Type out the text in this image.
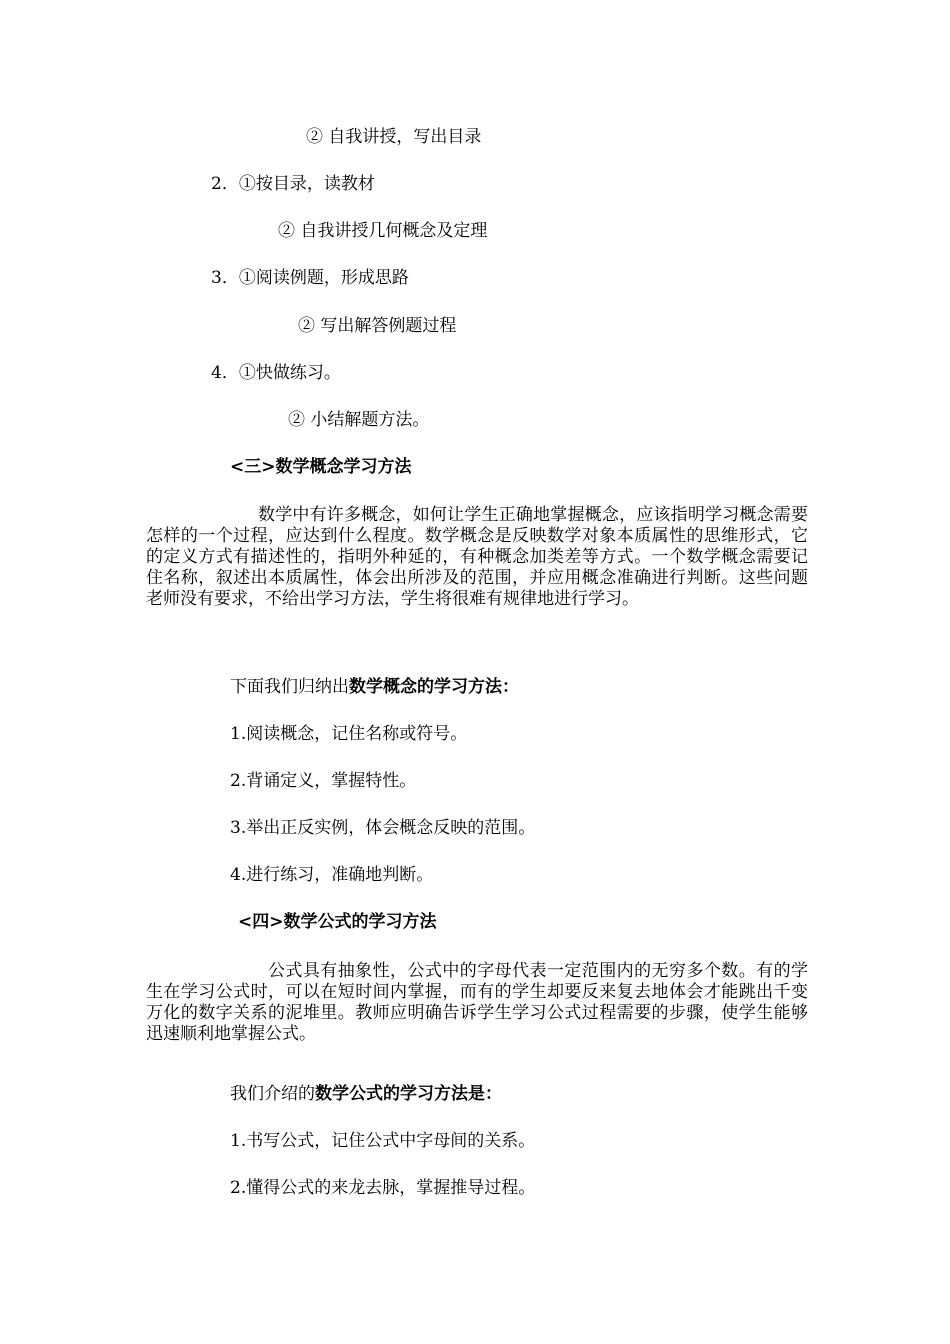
② 自我讲授，写出目录
2．①按目录，读教材
② 自我讲授几何概念及定理
3．①阅读例题，形成思路
② 写出解答例题过程
4．①快做练习。
② 小结解题方法。
<三>数学概念学习方法
数学中有许多概念，如何让学生正确地掌握概念，应该指明学习概念需要怎样的一个过程，应达到什么程度。数学概念是反映数学对象本质属性的思维形式，它的定义方式有描述性的，指明外种延的，有种概念加类差等方式。一个数学概念需要记住名称，叙述出本质属性，体会出所涉及的范围，并应用概念准确进行判断。这些问题老师没有要求，不给出学习方法，学生将很难有规律地进行学习。
下面我们归纳出数学概念的学习方法：
1.阅读概念，记住名称或符号。
2.背诵定义，掌握特性。
3.举出正反实例，体会概念反映的范围。
4.进行练习，准确地判断。
<四>数学公式的学习方法
公式具有抽象性，公式中的字母代表一定范围内的无穷多个数。有的学生在学习公式时，可以在短时间内掌握，而有的学生却要反来复去地体会才能跳出千变万化的数字关系的泥堆里。教师应明确告诉学生学习公式过程需要的步骤，使学生能够迅速顺利地掌握公式。
我们介绍的数学公式的学习方法是：
1.书写公式，记住公式中字母间的关系。
2.懂得公式的来龙去脉，掌握推导过程。
